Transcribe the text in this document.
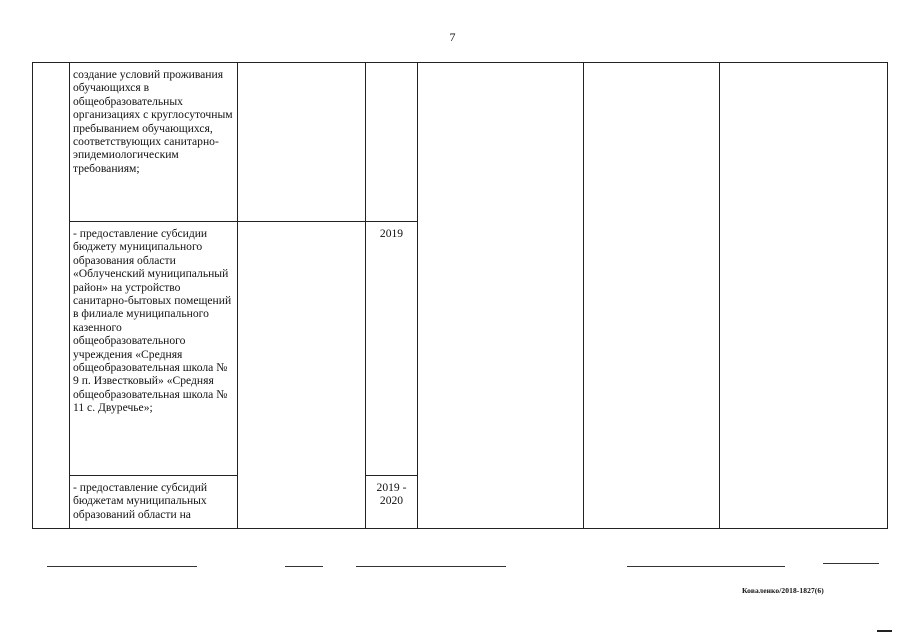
7
	создание условий проживания обучающихся в общеобразовательных организациях с круглосуточным пребыванием обучающихся, соответствующих санитарно-эпидемиологическим требованиям;					
	- предоставление субсидии бюджету муниципального образования области «Облученский муниципальный район» на устройство санитарно-бытовых помещений в филиале муниципального казенного общеобразовательного учреждения «Средняя общеобразовательная школа № 9 п. Известковый» «Средняя общеобразовательная школа № 11 с. Двуречье»;		2019			
	- предоставление субсидий бюджетам муниципальных образований области на		2019 - 2020			
Коваленко/2018-1827(6)
